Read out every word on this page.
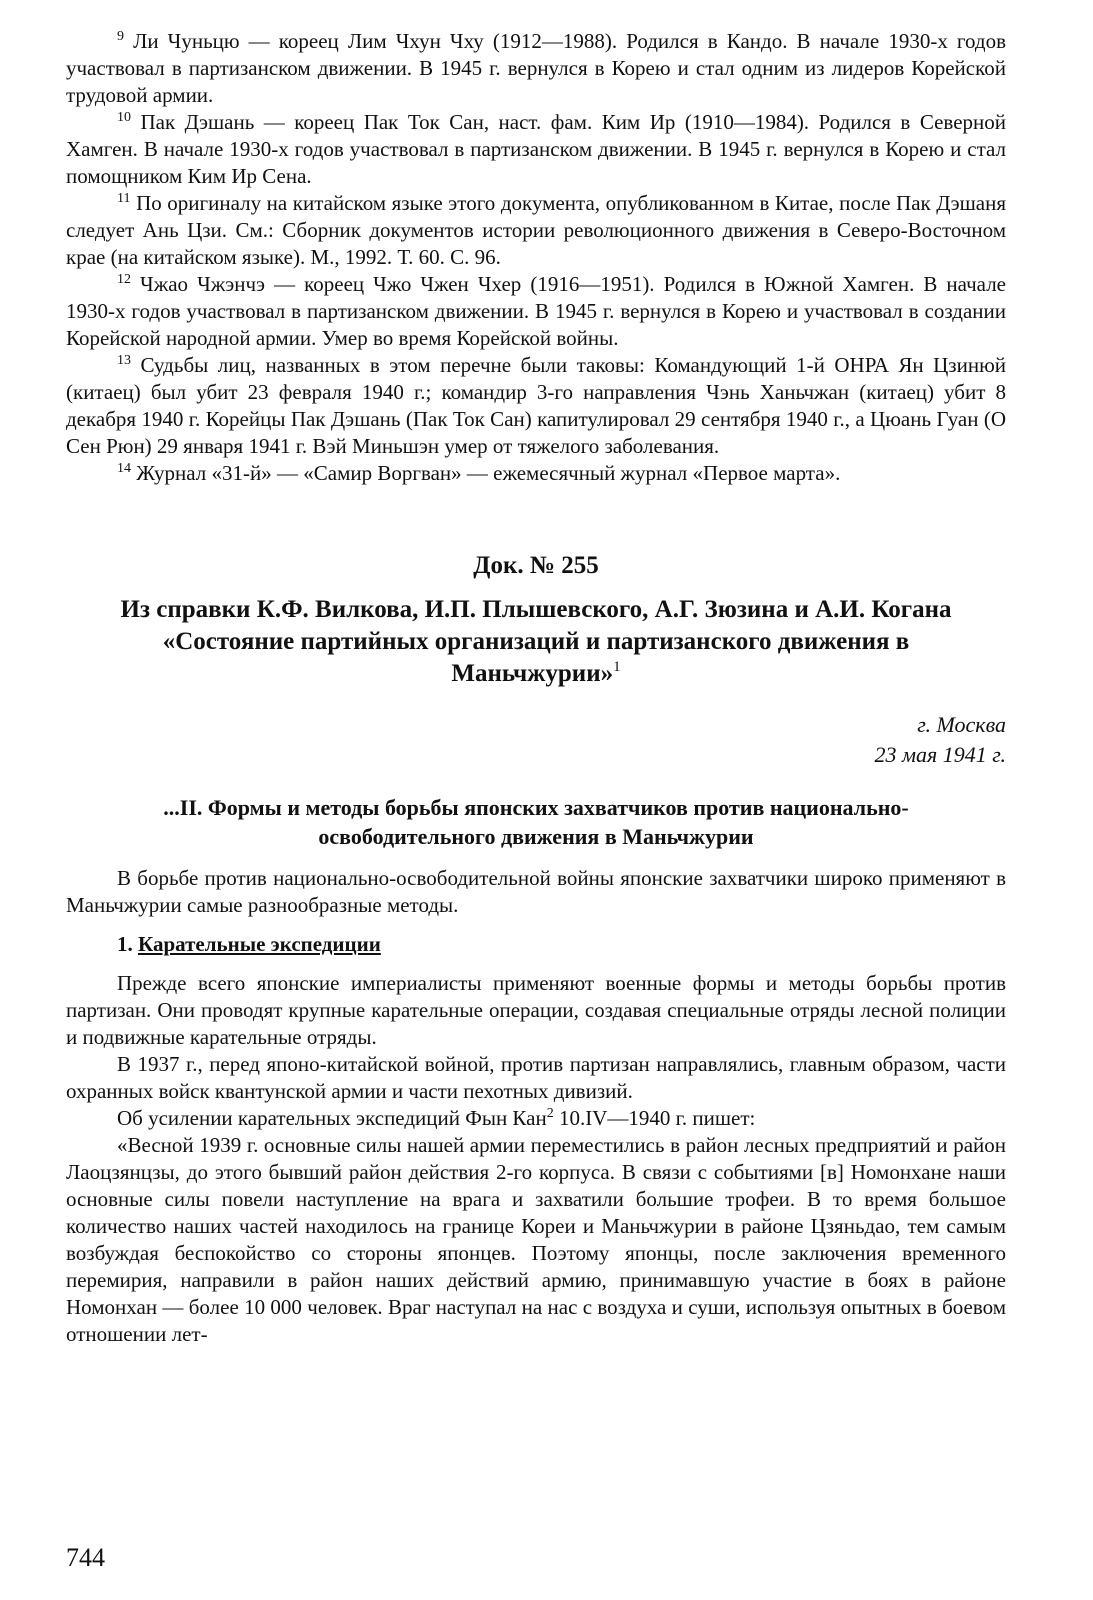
$^9$ Ли Чуньцю — кореец Лим Чхун Чху (1912—1988). Родился в Кандо. В начале 1930-х годов участвовал в партизанском движении. В 1945 г. вернулся в Корею и стал одним из лидеров Корейской трудовой армии.

$^{10}$ Пак Дэшань — кореец Пак Ток Сан, наст. фам. Ким Ир (1910—1984). Родился в Северной Хамген. В начале 1930-х годов участвовал в партизанском движении. В 1945 г. вернулся в Корею и стал помощником Ким Ир Сена.

$^{11}$ По оригиналу на китайском языке этого документа, опубликованном в Китае, после Пак Дэшаня следует Ань Цзи. См.: Сборник документов истории революционного движения в Северо-Восточном крае (на китайском языке). М., 1992. Т. 60. С. 96.

$^{12}$ Чжао Чжэнчэ — кореец Чжо Чжен Чхер (1916—1951). Родился в Южной Хамген. В начале 1930-х годов участвовал в партизанском движении. В 1945 г. вернулся в Корею и участвовал в создании Корейской народной армии. Умер во время Корейской войны.

$^{13}$ Судьбы лиц, названных в этом перечне были таковы: Командующий 1-й ОНРА Ян Цзинюй (китаец) был убит 23 февраля 1940 г.; командир 3-го направления Чэнь Ханьчжан (китаец) убит 8 декабря 1940 г. Корейцы Пак Дэшань (Пак Ток Сан) капитулировал 29 сентября 1940 г., а Цюань Гуан (О Сен Рюн) 29 января 1941 г. Вэй Миньшэн умер от тяжелого заболевания.

$^{14}$ Журнал «31-й» — «Самир Воргван» — ежемесячный журнал «Первое марта».

Док. № 255
Из справки К.Ф. Вилкова, И.П. Плышевского, А.Г. Зюзина и А.И. Когана «Состояние партийных организаций и партизанского движения в Маньчжурии»$^1$
г. Москва
23 мая 1941 г.
...II. Формы и методы борьбы японских захватчиков против национально-освободительного движения в Маньчжурии

В борьбе против национально-освободительной войны японские захватчики широко применяют в Маньчжурии самые разнообразные методы.

1. Карательные экспедиции

Прежде всего японские империалисты применяют военные формы и методы борьбы против партизан. Они проводят крупные карательные операции, создавая специальные отряды лесной полиции и подвижные карательные отряды.

В 1937 г., перед японо-китайской войной, против партизан направлялись, главным образом, части охранных войск квантунской армии и части пехотных дивизий.

Об усилении карательных экспедиций Фын Кан$^2$ 10.IV—1940 г. пишет:

«Весной 1939 г. основные силы нашей армии переместились в район лесных предприятий и район Лаоцзянцзы, до этого бывший район действия 2-го корпуса. В связи с событиями [в] Номонхане наши основные силы повели наступление на врага и захватили большие трофеи. В то время большое количество наших частей находилось на границе Кореи и Маньчжурии в районе Цзяньдао, тем самым возбуждая беспокойство со стороны японцев. Поэтому японцы, после заключения временного перемирия, направили в район наших действий армию, принимавшую участие в боях в районе Номонхан — более 10 000 человек. Враг наступал на нас с воздуха и суши, используя опытных в боевом отношении лет-

744
